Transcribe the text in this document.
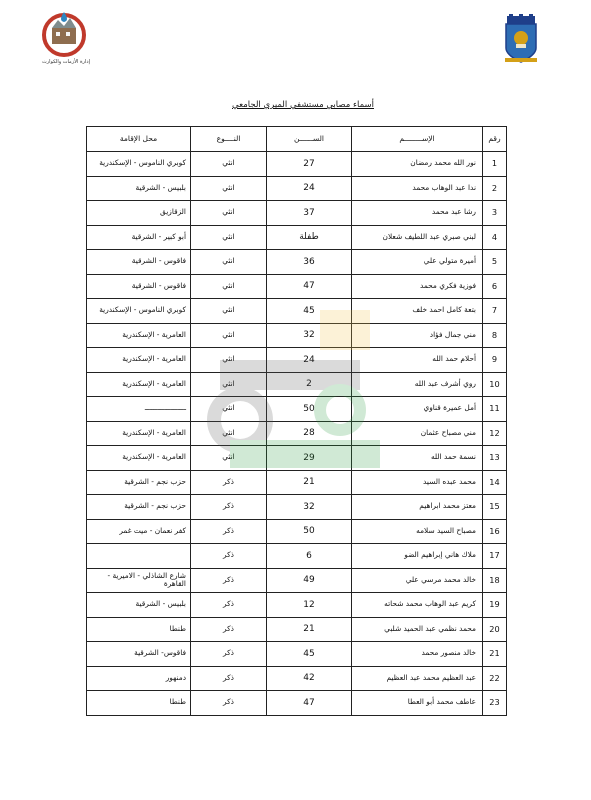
إدارة الأزمات والكوارث
أسماء مصابي مستشفي الميري الجامعي
رقم	الإســــــــم	الســــــن	النــــوع	محل الإقامة
1	نور الله محمد رمضان	27	انثي	كوبري الناموس - الإسكندرية
2	ندا عبد الوهاب محمد	24	انثي	بلبيس - الشرقية
3	رشا عبد محمد	37	انثي	الزقازيق
4	لبني صبري عبد اللطيف شعلان	طفلة	انثي	أبو كبير - الشرقية
5	أميرة متولي علي	36	انثي	فاقوس - الشرقية
6	فوزية فكري محمد	47	انثي	فاقوس - الشرقية
7	بتعة كامل احمد خلف	45	انثي	كوبري الناموس - الإسكندرية
8	مني جمال فؤاد	32	انثي	العامرية - الإسكندرية
9	أحلام حمد الله	24	انثي	العامرية - الإسكندرية
10	روي أشرف عبد الله	2	انثي	العامرية - الإسكندرية
11	أمل عميرة قناوي	50	انثي	ـــــــــــــــــــ
12	مني مصباح عثمان	28	انثي	العامرية - الإسكندرية
13	نسمة حمد الله	29	انثي	العامرية - الإسكندرية
14	محمد عبده السيد	21	ذكر	حزب نجم - الشرقية
15	معتز محمد ابراهيم	32	ذكر	حزب نجم - الشرقية
16	مصباح السيد سلامه	50	ذكر	كفر نعمان - ميت غمر
17	ملاك هاني إبراهيم الضو	6	ذكر	
18	خالد محمد مرسي علي	49	ذكر	شارع الشاذلي - الاميرية - القاهرة
19	كريم عبد الوهاب محمد شحاته	12	ذكر	بلبيس - الشرقية
20	محمد نظمي عبد الحميد شلبي	21	ذكر	طنطا
21	خالد منصور محمد	45	ذكر	فاقوس- الشرقية
22	عبد العظيم محمد عبد العظيم	42	ذكر	دمنهور
23	عاطف محمد أبو العطا	47	ذكر	طنطا
